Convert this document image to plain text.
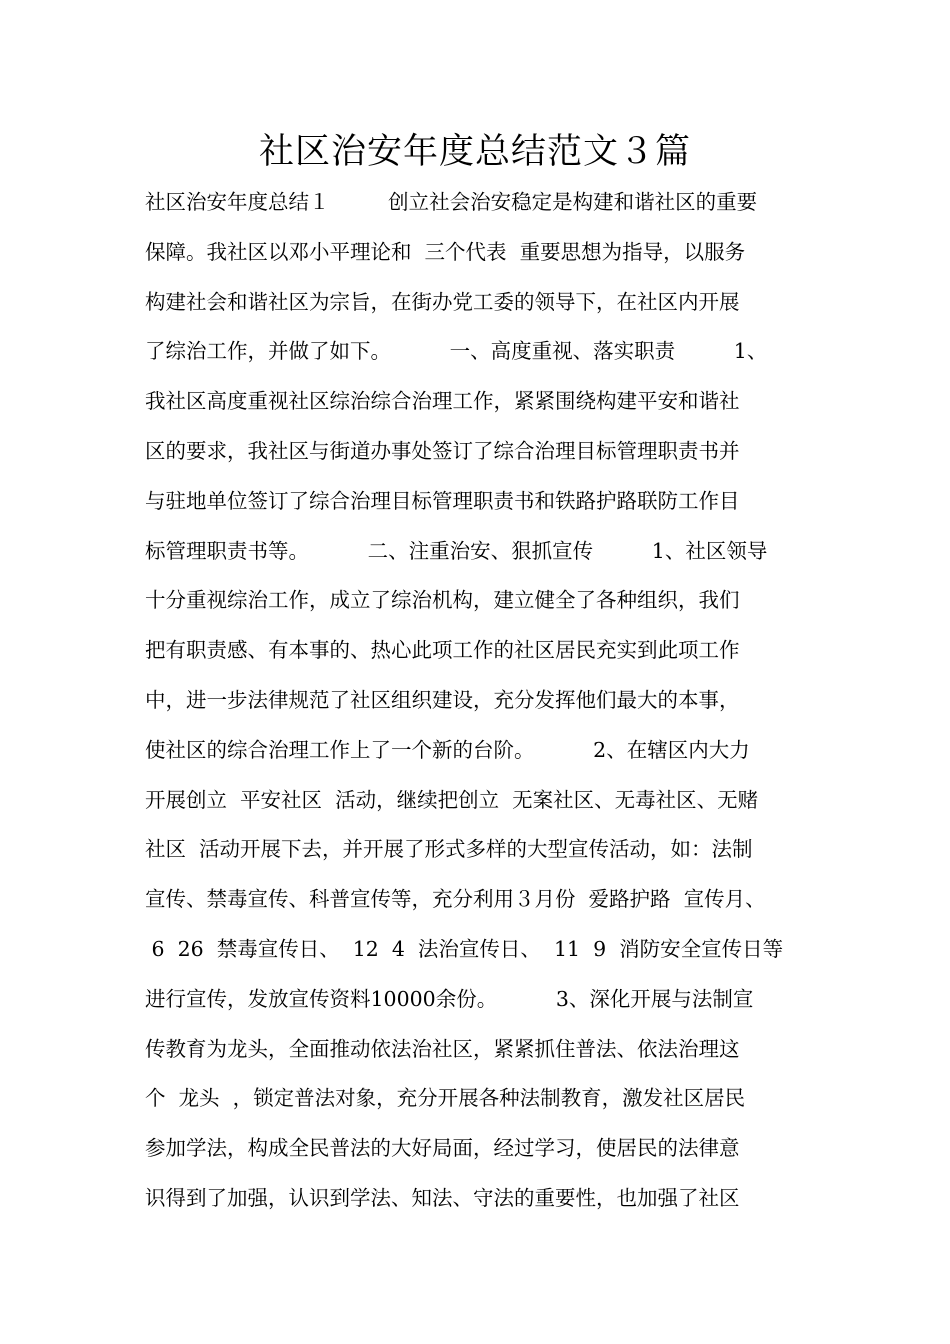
社区治安年度总结范文３篇
社区治安年度总结１         创立社会治安稳定是构建和谐社区的重要
保障。我社区以邓小平理论和  三个代表  重要思想为指导，以服务
构建社会和谐社区为宗旨，在街办党工委的领导下，在社区内开展
了综治工作，并做了如下。         一、高度重视、落实职责         1、
我社区高度重视社区综治综合治理工作，紧紧围绕构建平安和谐社
区的要求，我社区与街道办事处签订了综合治理目标管理职责书并
与驻地单位签订了综合治理目标管理职责书和铁路护路联防工作目
标管理职责书等。         二、注重治安、狠抓宣传         1、社区领导
十分重视综治工作，成立了综治机构，建立健全了各种组织，我们
把有职责感、有本事的、热心此项工作的社区居民充实到此项工作
中，进一步法律规范了社区组织建设，充分发挥他们最大的本事，
使社区的综合治理工作上了一个新的台阶。         2、在辖区内大力
开展创立  平安社区  活动，继续把创立  无案社区、无毒社区、无赌
社区  活动开展下去，并开展了形式多样的大型宣传活动，如：法制
宣传、禁毒宣传、科普宣传等，充分利用３月份  爱路护路  宣传月、
6  26  禁毒宣传日、  12  4  法治宣传日、  11  9  消防安全宣传日等
进行宣传，发放宣传资料10000余份。         3、深化开展与法制宣
传教育为龙头，全面推动依法治社区，紧紧抓住普法、依法治理这
个  龙头  ，锁定普法对象，充分开展各种法制教育，激发社区居民
参加学法，构成全民普法的大好局面，经过学习，使居民的法律意
识得到了加强，认识到学法、知法、守法的重要性，也加强了社区
